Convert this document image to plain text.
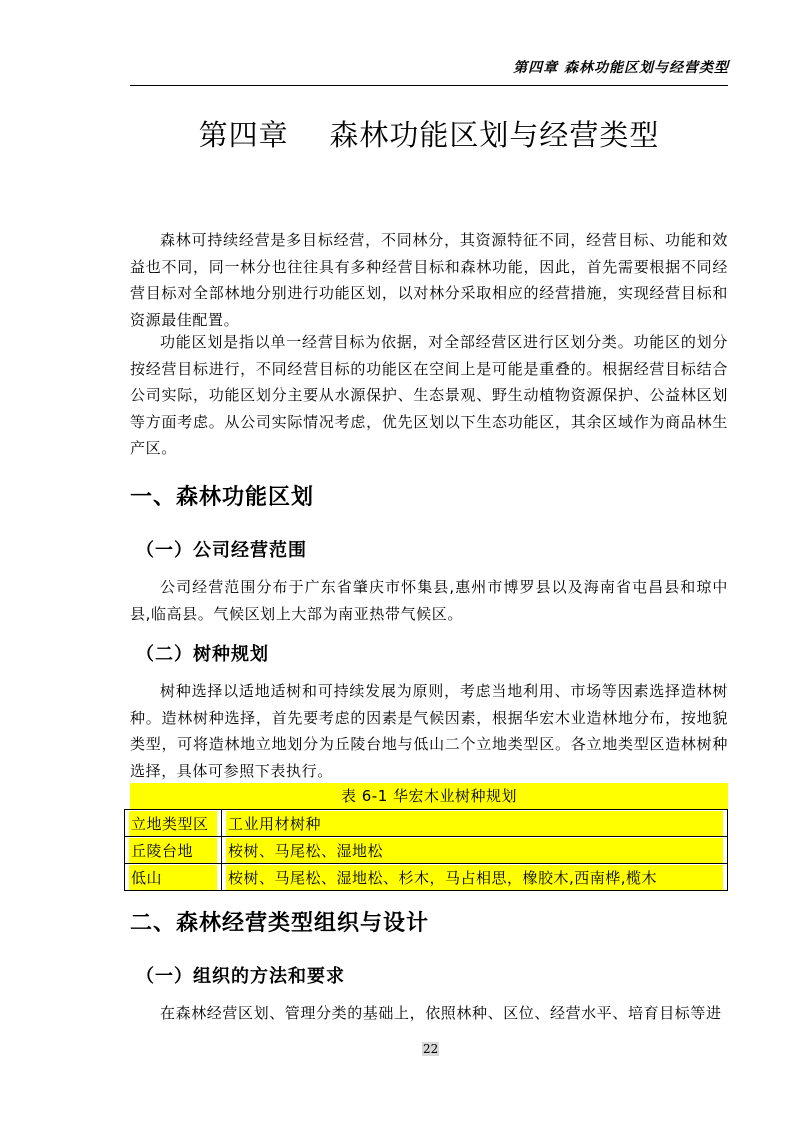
第四章 森林功能区划与经营类型
第四章    森林功能区划与经营类型

森林可持续经营是多目标经营，不同林分，其资源特征不同，经营目标、功能和效益也不同，同一林分也往往具有多种经营目标和森林功能，因此，首先需要根据不同经营目标对全部林地分别进行功能区划，以对林分采取相应的经营措施，实现经营目标和资源最佳配置。

功能区划是指以单一经营目标为依据，对全部经营区进行区划分类。功能区的划分按经营目标进行，不同经营目标的功能区在空间上是可能是重叠的。根据经营目标结合公司实际，功能区划分主要从水源保护、生态景观、野生动植物资源保护、公益林区划等方面考虑。从公司实际情况考虑，优先区划以下生态功能区，其余区域作为商品林生产区。

一、森林功能区划
（一）公司经营范围

公司经营范围分布于广东省肇庆市怀集县,惠州市博罗县以及海南省屯昌县和琼中县,临高县。气候区划上大部为南亚热带气候区。

（二）树种规划

树种选择以适地适树和可持续发展为原则，考虑当地利用、市场等因素选择造林树种。造林树种选择，首先要考虑的因素是气候因素，根据华宏木业造林地分布，按地貌类型，可将造林地立地划分为丘陵台地与低山二个立地类型区。各立地类型区造林树种选择，具体可参照下表执行。

表 6-1 华宏木业树种规划
立地类型区	工业用材树种

丘陵台地	桉树、马尾松、湿地松

低山	桉树、马尾松、湿地松、杉木，马占相思，橡胶木,西南桦,榄木
二、森林经营类型组织与设计
（一）组织的方法和要求

在森林经营区划、管理分类的基础上，依照林种、区位、经营水平、培育目标等进

22
